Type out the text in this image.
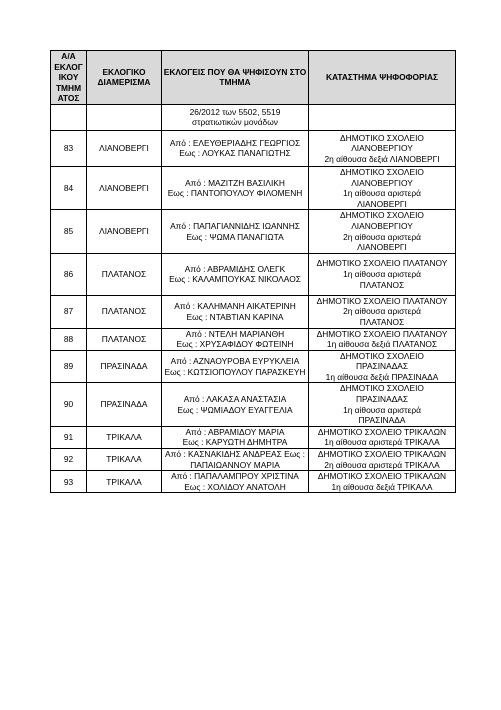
Α/Α ΕΚΛΟΓ ΙΚΟΥ ΤΜΗΜ ΑΤΟΣ	ΕΚΛΟΓΙΚΟ ΔΙΑΜΕΡΙΣΜΑ	ΕΚΛΟΓΕΙΣ ΠΟΥ ΘΑ ΨΗΦΙΣΟΥΝ ΣΤΟ ΤΜΗΜΑ	ΚΑΤΑΣΤΗΜΑ ΨΗΦΟΦΟΡΙΑΣ
		26/2012 των 5502, 5519
στρατιωτικών μονάδων	
83	ΛΙΑΝΟΒΕΡΓΙ	Από : ΕΛΕΥΘΕΡΙΑΔΗΣ ΓΕΩΡΓΙΟΣ
Εως : ΛΟΥΚΑΣ ΠΑΝΑΓΙΩΤΗΣ	ΔΗΜΟΤΙΚΟ ΣΧΟΛΕΙΟ
ΛΙΑΝΟΒΕΡΓΙΟΥ
2η αίθουσα δεξιά ΛΙΑΝΟΒΕΡΓΙ
84	ΛΙΑΝΟΒΕΡΓΙ	Από : ΜΑΖΙΤΖΗ ΒΑΣΙΛΙΚΗ
Εως : ΠΑΝΤΟΠΟΥΛΟΥ ΦΙΛΟΜΕΝΗ	ΔΗΜΟΤΙΚΟ ΣΧΟΛΕΙΟ
ΛΙΑΝΟΒΕΡΓΙΟΥ
1η αίθουσα αριστερά
ΛΙΑΝΟΒΕΡΓΙ
85	ΛΙΑΝΟΒΕΡΓΙ	Από : ΠΑΠΑΓΙΑΝΝΙΔΗΣ ΙΩΑΝΝΗΣ
Εως : ΨΩΜΑ ΠΑΝΑΓΙΩΤΑ	ΔΗΜΟΤΙΚΟ ΣΧΟΛΕΙΟ
ΛΙΑΝΟΒΕΡΓΙΟΥ
2η αίθουσα αριστερά
ΛΙΑΝΟΒΕΡΓΙ
86	ΠΛΑΤΑΝΟΣ	Από : ΑΒΡΑΜΙΔΗΣ ΟΛΕΓΚ
Εως : ΚΑΛΑΜΠΟΥΚΑΣ ΝΙΚΟΛΑΟΣ	ΔΗΜΟΤΙΚΟ ΣΧΟΛΕΙΟ ΠΛΑΤΑΝΟΥ
1η αίθουσα αριστερά
ΠΛΑΤΑΝΟΣ
87	ΠΛΑΤΑΝΟΣ	Από : ΚΑΛΗΜΑΝΗ ΑΙΚΑΤΕΡΙΝΗ
Εως : ΝΤΑΒΤΙΑΝ ΚΑΡΙΝΑ	ΔΗΜΟΤΙΚΟ ΣΧΟΛΕΙΟ ΠΛΑΤΑΝΟΥ
2η αίθουσα αριστερά
ΠΛΑΤΑΝΟΣ
88	ΠΛΑΤΑΝΟΣ	Από : ΝΤΕΛΗ ΜΑΡΙΑΝΘΗ
Εως : ΧΡΥΣΑΦΙΔΟΥ ΦΩΤΕΙΝΗ	ΔΗΜΟΤΙΚΟ ΣΧΟΛΕΙΟ ΠΛΑΤΑΝΟΥ
1η αίθουσα δεξιά ΠΛΑΤΑΝΟΣ
89	ΠΡΑΣΙΝΑΔΑ	Από : ΑΖΝΑΟΥΡΟΒΑ ΕΥΡΥΚΛΕΙΑ
Εως : ΚΩΤΣΙΟΠΟΥΛΟΥ ΠΑΡΑΣΚΕΥΗ	ΔΗΜΟΤΙΚΟ ΣΧΟΛΕΙΟ
ΠΡΑΣΙΝΑΔΑΣ
1η αίθουσα δεξιά ΠΡΑΣΙΝΑΔΑ
90	ΠΡΑΣΙΝΑΔΑ	Από : ΛΑΚΑΣΑ ΑΝΑΣΤΑΣΙΑ
Εως : ΨΩΜΙΑΔΟΥ ΕΥΑΓΓΕΛΙΑ	ΔΗΜΟΤΙΚΟ ΣΧΟΛΕΙΟ
ΠΡΑΣΙΝΑΔΑΣ
1η αίθουσα αριστερά
ΠΡΑΣΙΝΑΔΑ
91	ΤΡΙΚΑΛΑ	Από : ΑΒΡΑΜΙΔΟΥ ΜΑΡΙΑ
Εως : ΚΑΡΥΩΤΗ ΔΗΜΗΤΡΑ	ΔΗΜΟΤΙΚΟ ΣΧΟΛΕΙΟ ΤΡΙΚΑΛΩΝ
1η αίθουσα αριστερά ΤΡΙΚΑΛΑ
92	ΤΡΙΚΑΛΑ	Από : ΚΑΣΝΑΚΙΔΗΣ ΑΝΔΡΕΑΣ Εως :
ΠΑΠΑΙΩΑΝΝΟΥ ΜΑΡΙΑ	ΔΗΜΟΤΙΚΟ ΣΧΟΛΕΙΟ ΤΡΙΚΑΛΩΝ
2η αίθουσα αριστερά ΤΡΙΚΑΛΑ
93	ΤΡΙΚΑΛΑ	Από : ΠΑΠΑΛΑΜΠΡΟΥ ΧΡΙΣΤΙΝΑ
Εως : ΧΟΛΙΔΟΥ ΑΝΑΤΟΛΗ	ΔΗΜΟΤΙΚΟ ΣΧΟΛΕΙΟ ΤΡΙΚΑΛΩΝ
1η αίθουσα δεξιά ΤΡΙΚΑΛΑ
